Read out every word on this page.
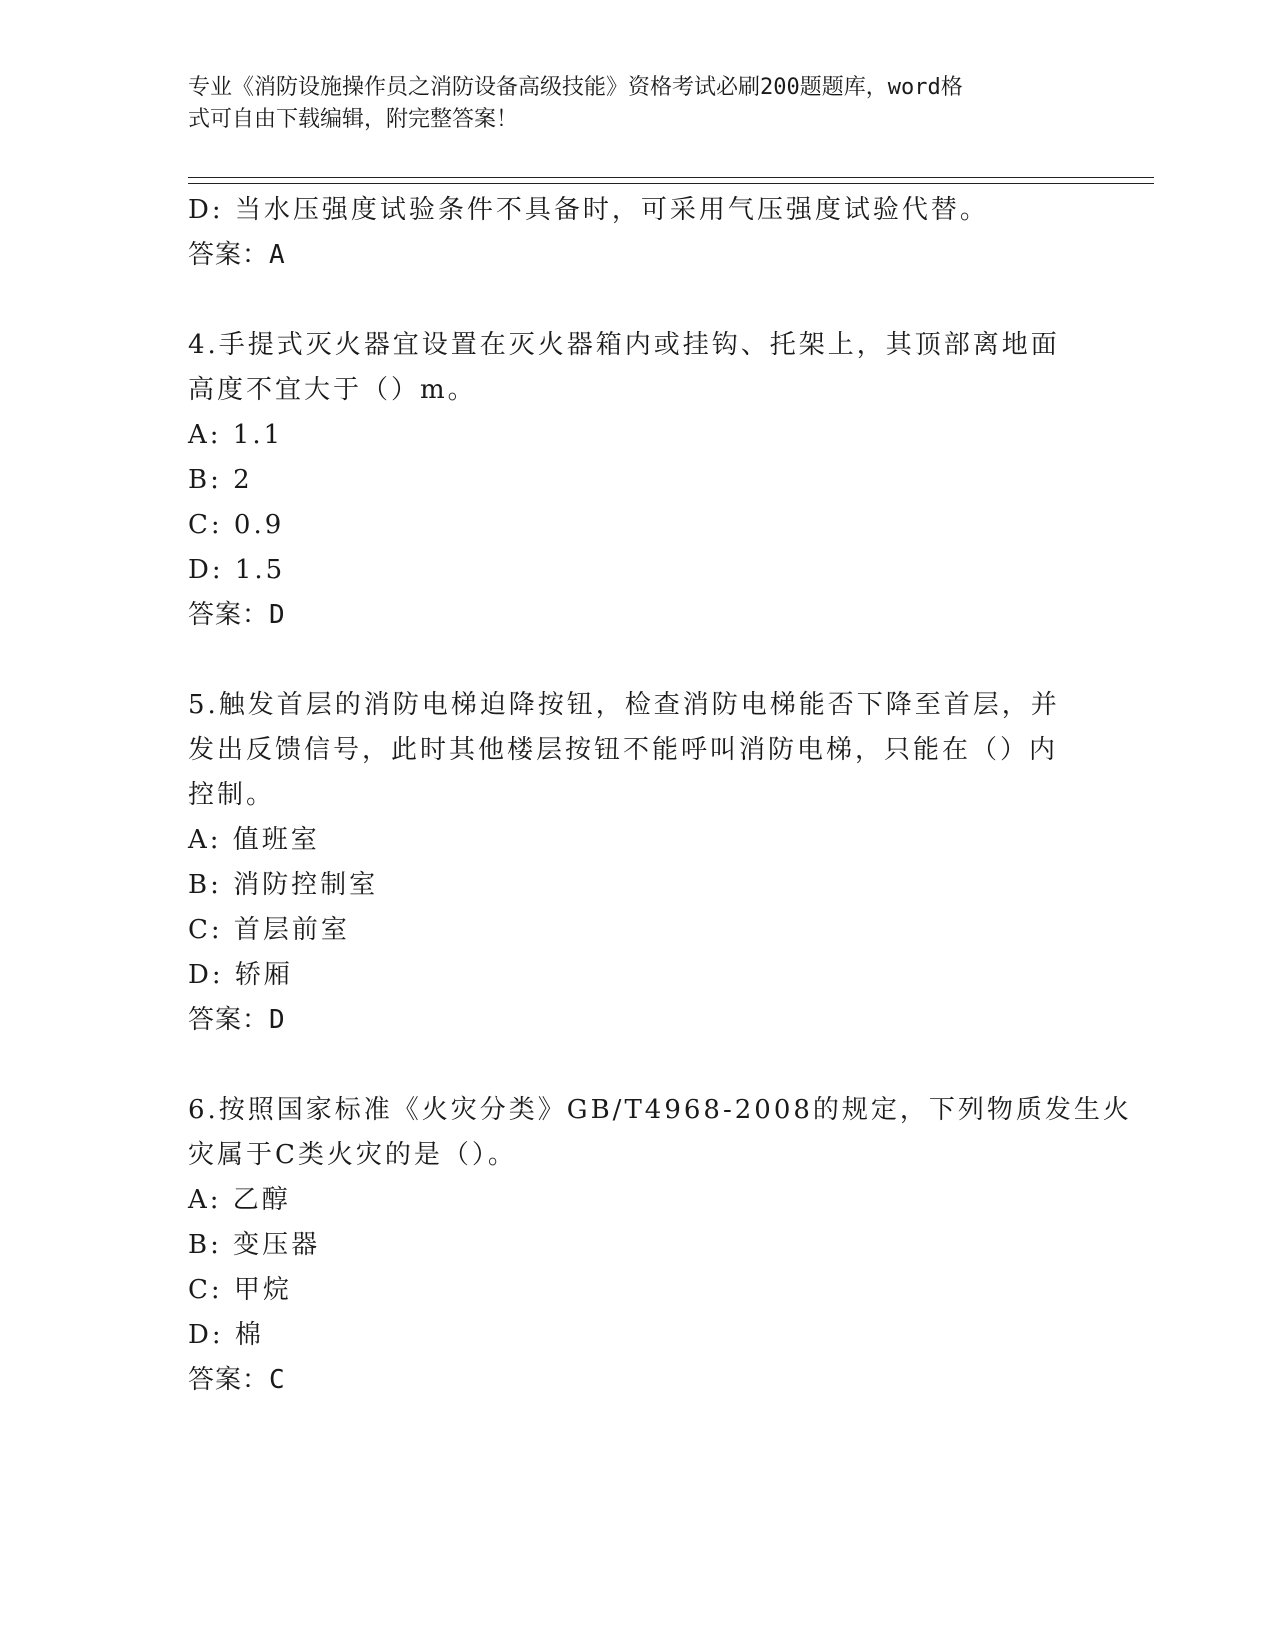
专业《消防设施操作员之消防设备高级技能》资格考试必刷200题题库，word格
式可自由下载编辑，附完整答案！
D: 当水压强度试验条件不具备时，可采用气压强度试验代替。
答案：A
4.手提式灭火器宜设置在灭火器箱内或挂钩、托架上，其顶部离地面
高度不宜大于（）m。
A: 1.1
B: 2
C: 0.9
D: 1.5
答案：D
5.触发首层的消防电梯迫降按钮，检查消防电梯能否下降至首层，并
发出反馈信号，此时其他楼层按钮不能呼叫消防电梯，只能在（）内
控制。
A: 值班室
B: 消防控制室
C: 首层前室
D: 轿厢
答案：D
6.按照国家标准《火灾分类》GB/T4968-2008的规定，下列物质发生火
灾属于C类火灾的是（）。
A: 乙醇
B: 变压器
C: 甲烷
D: 棉
答案：C
